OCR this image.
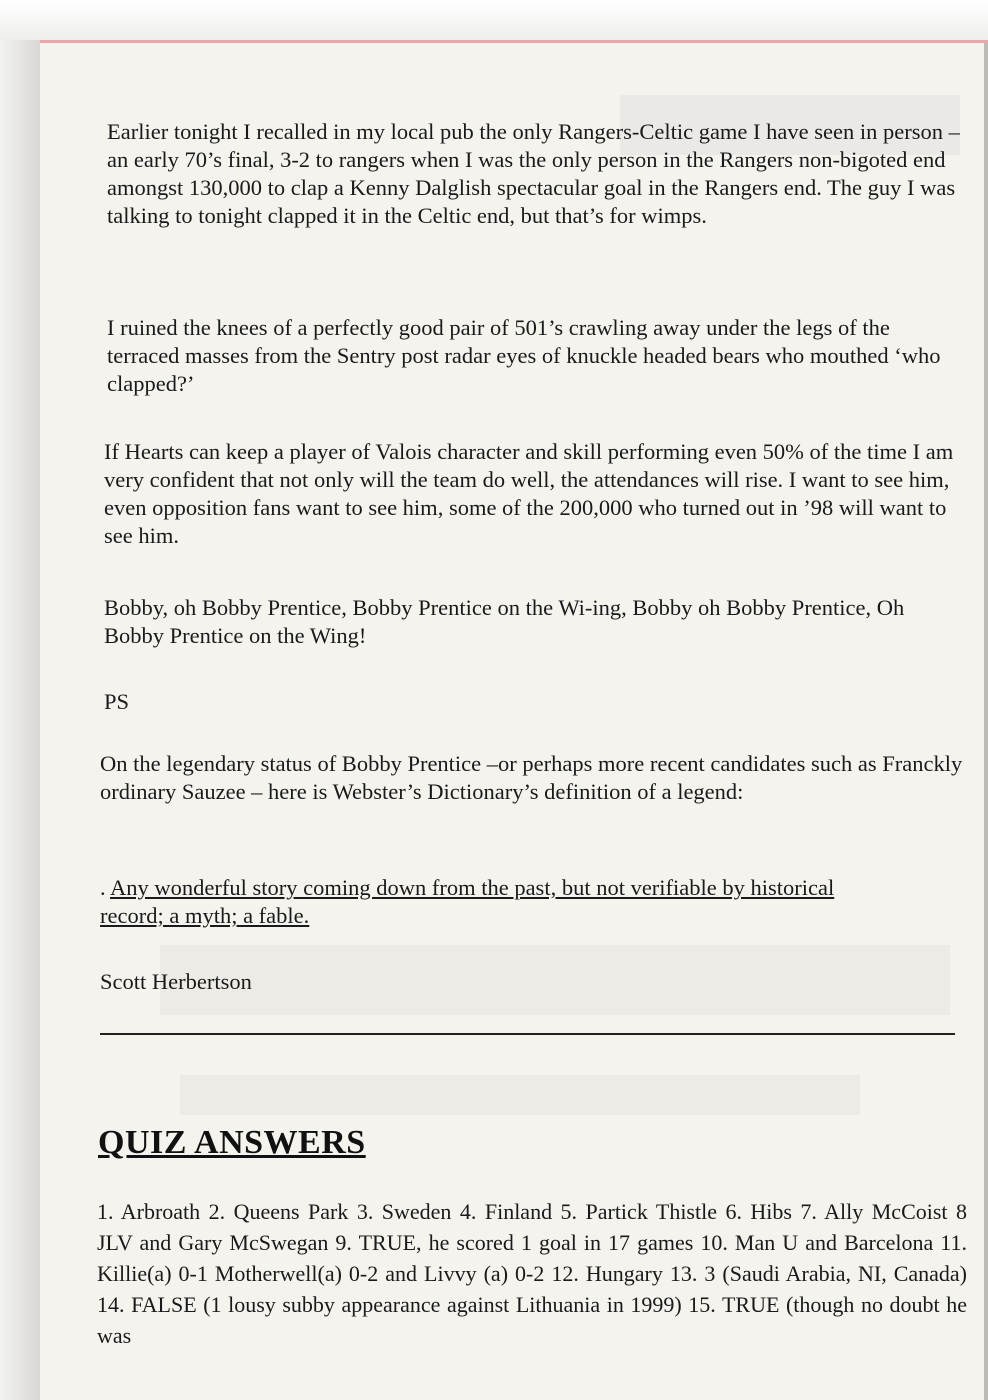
Earlier tonight I recalled in my local pub the only Rangers-Celtic game I have seen in person – an early 70’s final, 3-2 to rangers when I was the only person in the Rangers non-bigoted end amongst 130,000 to clap a Kenny Dalglish spectacular goal in the Rangers end. The guy I was talking to tonight clapped it in the Celtic end, but that’s for wimps.

I ruined the knees of a perfectly good pair of 501’s crawling away under the legs of the terraced masses from the Sentry post radar eyes of knuckle headed bears who mouthed ‘who clapped?’

If Hearts can keep a player of Valois character and skill performing even 50% of the time I am very confident that not only will the team do well, the attendances will rise. I want to see him, even opposition fans want to see him, some of the 200,000 who turned out in ’98 will want to see him.

Bobby, oh Bobby Prentice, Bobby Prentice on the Wi-ing, Bobby oh Bobby Prentice, Oh Bobby Prentice on the Wing!

PS

On the legendary status of Bobby Prentice –or perhaps more recent candidates such as Franckly ordinary Sauzee – here is Webster’s Dictionary’s definition of a legend:

. Any wonderful story coming down from the past, but not verifiable by historical record; a myth; a fable.

Scott Herbertson

QUIZ ANSWERS
1. Arbroath 2. Queens Park 3. Sweden 4. Finland 5. Partick Thistle 6. Hibs 7. Ally McCoist 8 JLV and Gary McSwegan 9. TRUE, he scored 1 goal in 17 games 10. Man U and Barcelona 11. Killie(a) 0-1 Motherwell(a) 0-2 and Livvy (a) 0-2 12. Hungary 13. 3 (Saudi Arabia, NI, Canada) 14. FALSE (1 lousy subby appearance against Lithuania in 1999) 15. TRUE (though no doubt he was
